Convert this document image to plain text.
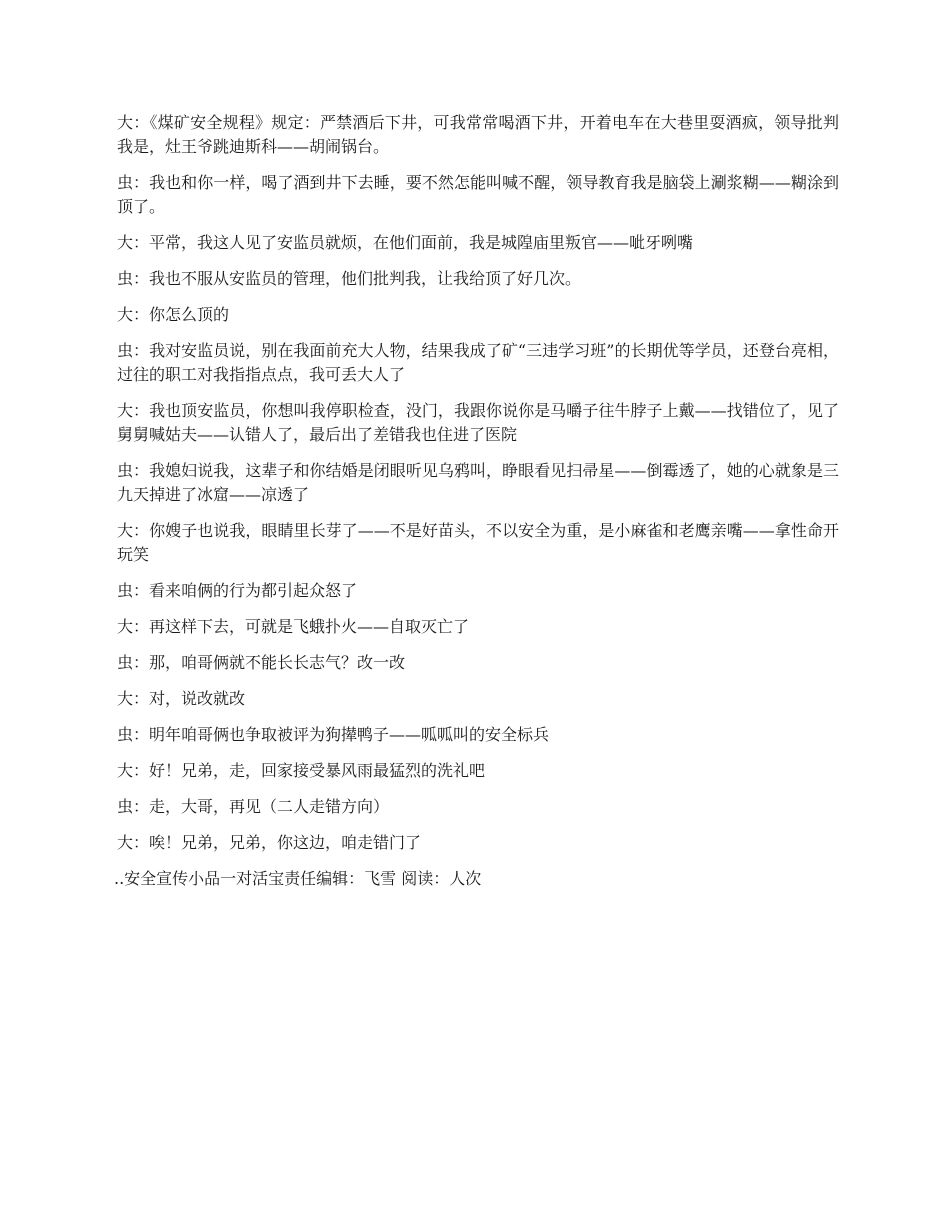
大：《煤矿安全规程》规定：严禁酒后下井，可我常常喝酒下井，开着电车在大巷里耍酒疯，领导批判我是，灶王爷跳迪斯科——胡闹锅台。

虫：我也和你一样，喝了酒到井下去睡，要不然怎能叫喊不醒，领导教育我是脑袋上涮浆糊——糊涂到顶了。

大：平常，我这人见了安监员就烦，在他们面前，我是城隍庙里叛官——呲牙咧嘴

虫：我也不服从安监员的管理，他们批判我，让我给顶了好几次。

大：你怎么顶的

虫：我对安监员说，别在我面前充大人物，结果我成了矿“三违学习班”的长期优等学员，还登台亮相，过往的职工对我指指点点，我可丢大人了

大：我也顶安监员，你想叫我停职检查，没门，我跟你说你是马嚼子往牛脖子上戴——找错位了，见了舅舅喊姑夫——认错人了，最后出了差错我也住进了医院

虫：我媳妇说我，这辈子和你结婚是闭眼听见乌鸦叫，睁眼看见扫帚星——倒霉透了，她的心就象是三九天掉进了冰窟——凉透了

大：你嫂子也说我，眼睛里长芽了——不是好苗头，不以安全为重，是小麻雀和老鹰亲嘴——拿性命开玩笑

虫：看来咱俩的行为都引起众怒了

大：再这样下去，可就是飞蛾扑火——自取灭亡了

虫：那，咱哥俩就不能长长志气？改一改

大：对，说改就改

虫：明年咱哥俩也争取被评为狗撵鸭子——呱呱叫的安全标兵

大：好！兄弟，走，回家接受暴风雨最猛烈的洗礼吧

虫：走，大哥，再见（二人走错方向）

大：唉！兄弟，兄弟，你这边，咱走错门了

..安全宣传小品一对活宝责任编辑：飞雪 阅读：人次
